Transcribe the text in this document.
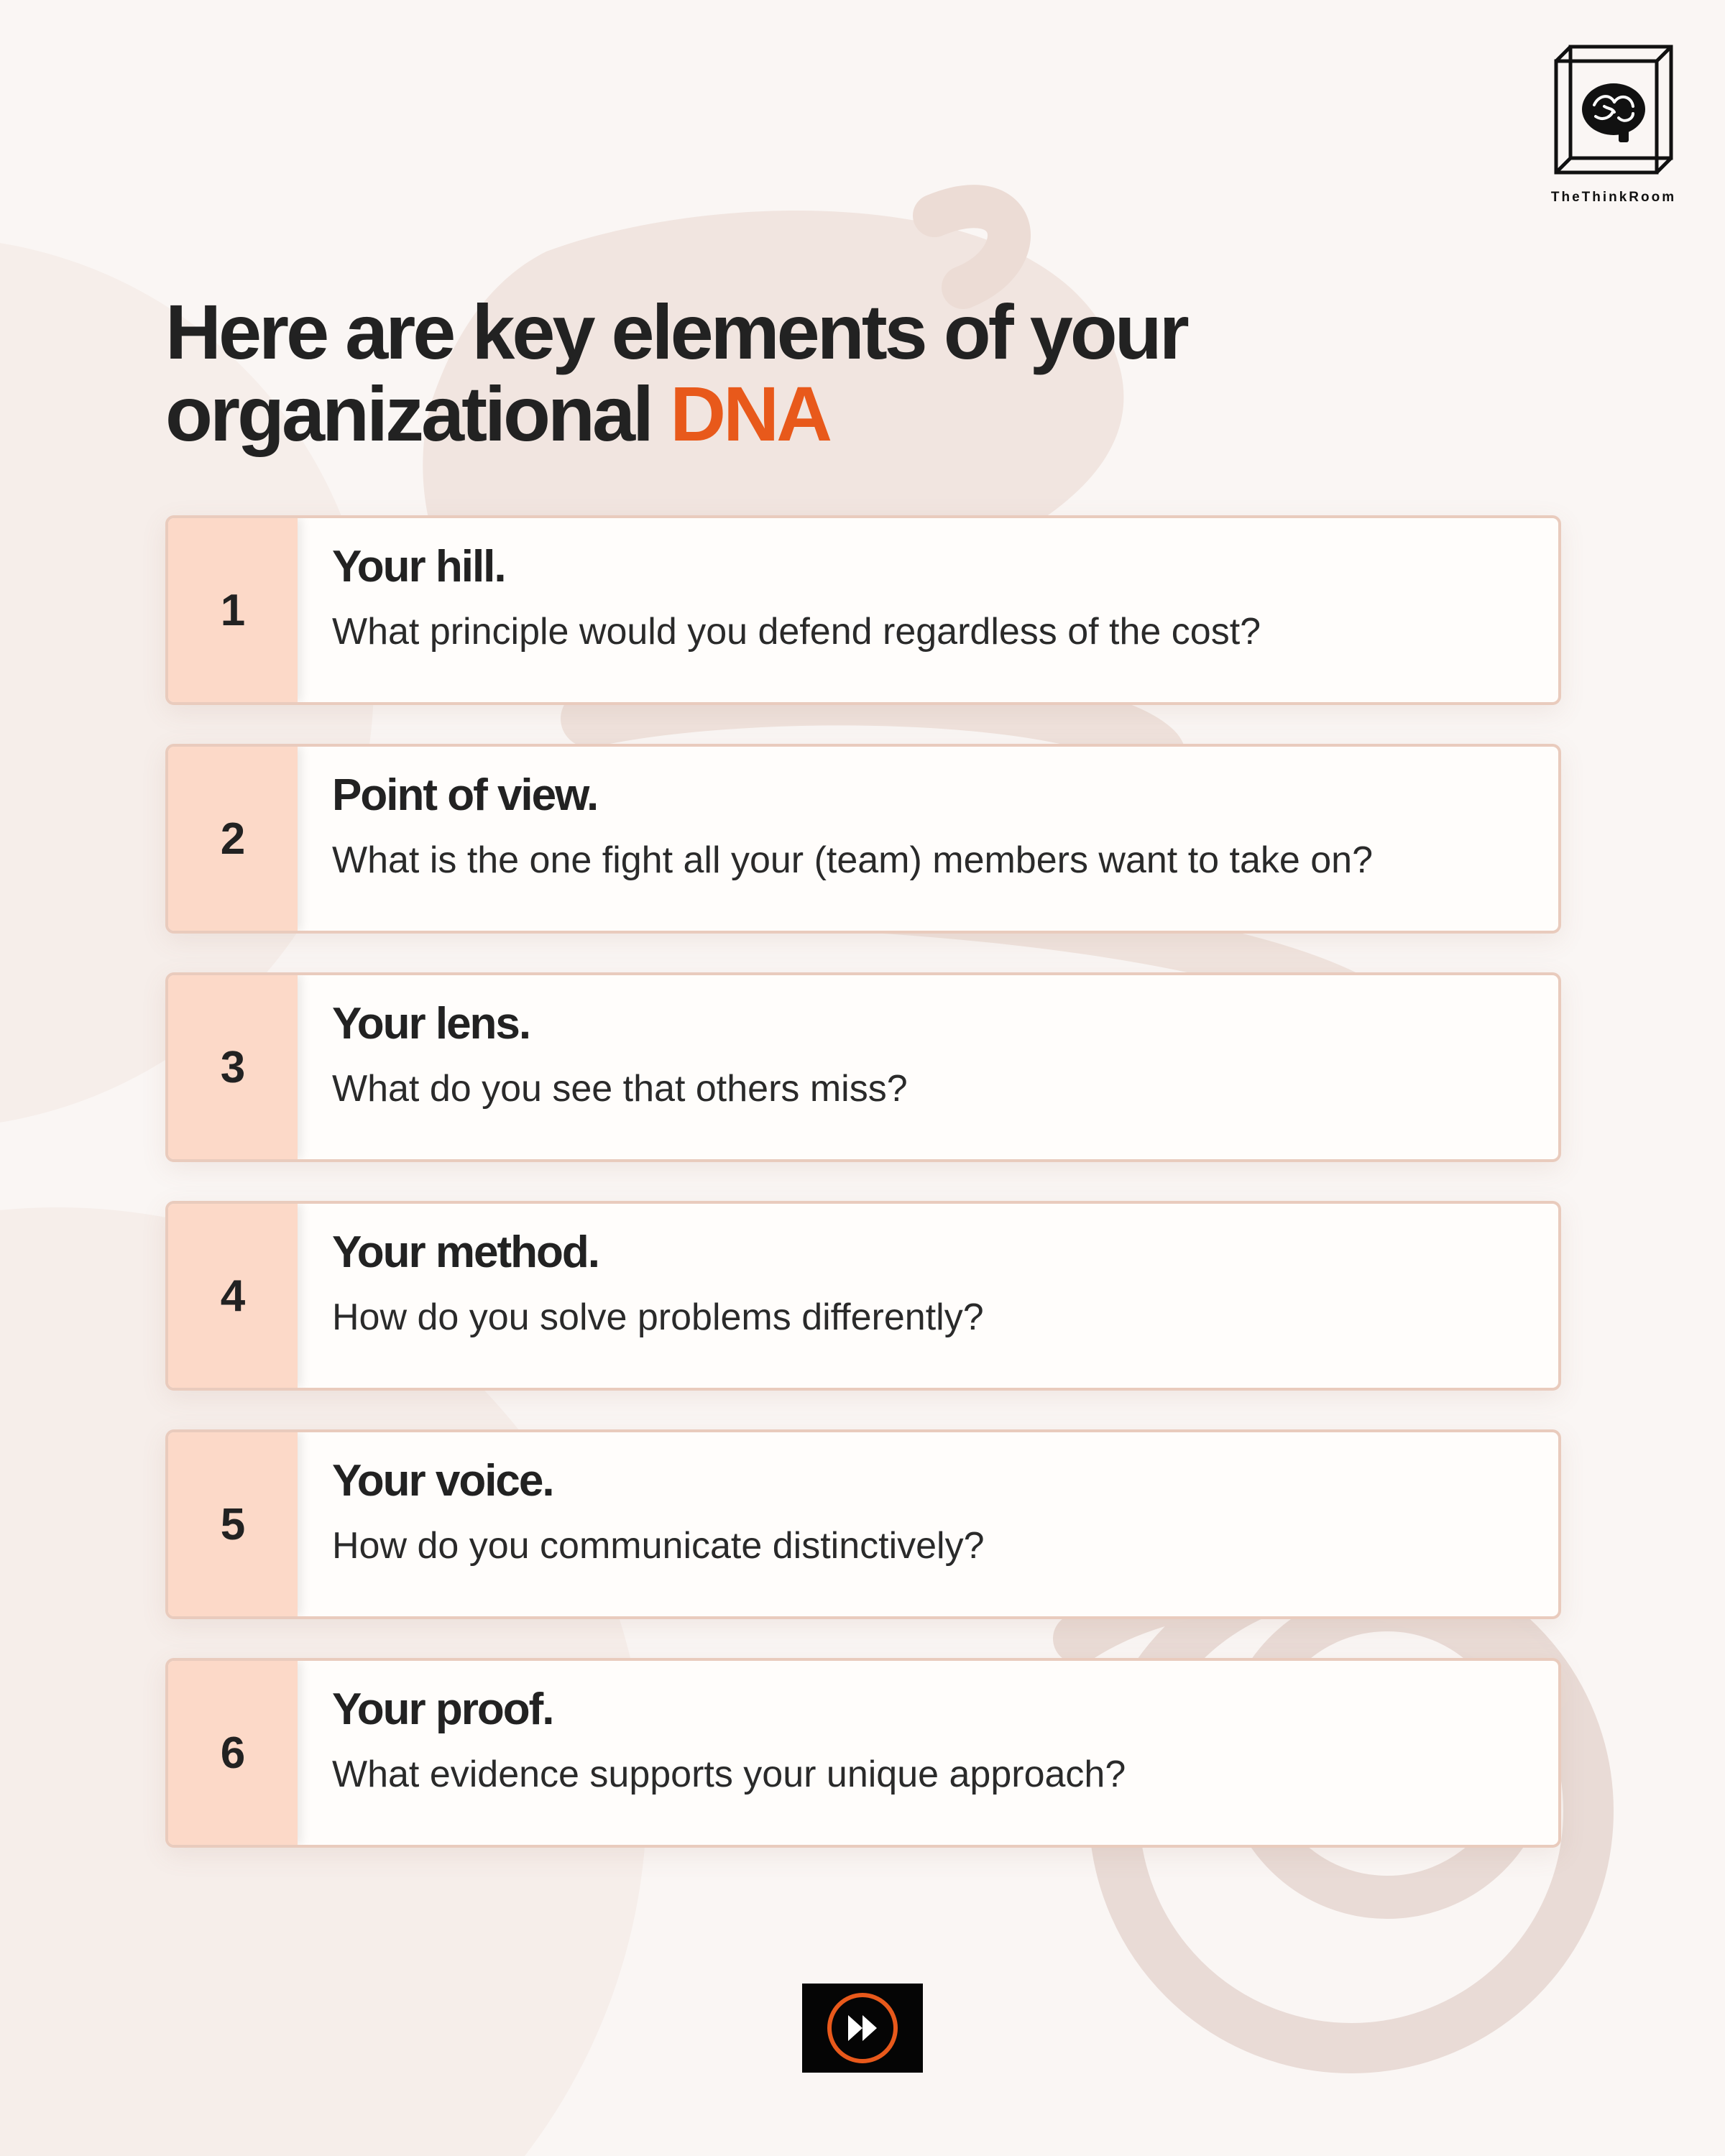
TheThinkRoom
Here are key elements of your
organizational DNA
1
Your hill.
What principle would you defend regardless of the cost?
2
Point of view.
What is the one fight all your (team) members want to take on?
3
Your lens.
What do you see that others miss?
4
Your method.
How do you solve problems differently?
5
Your voice.
How do you communicate distinctively?
6
Your proof.
What evidence supports your unique approach?
